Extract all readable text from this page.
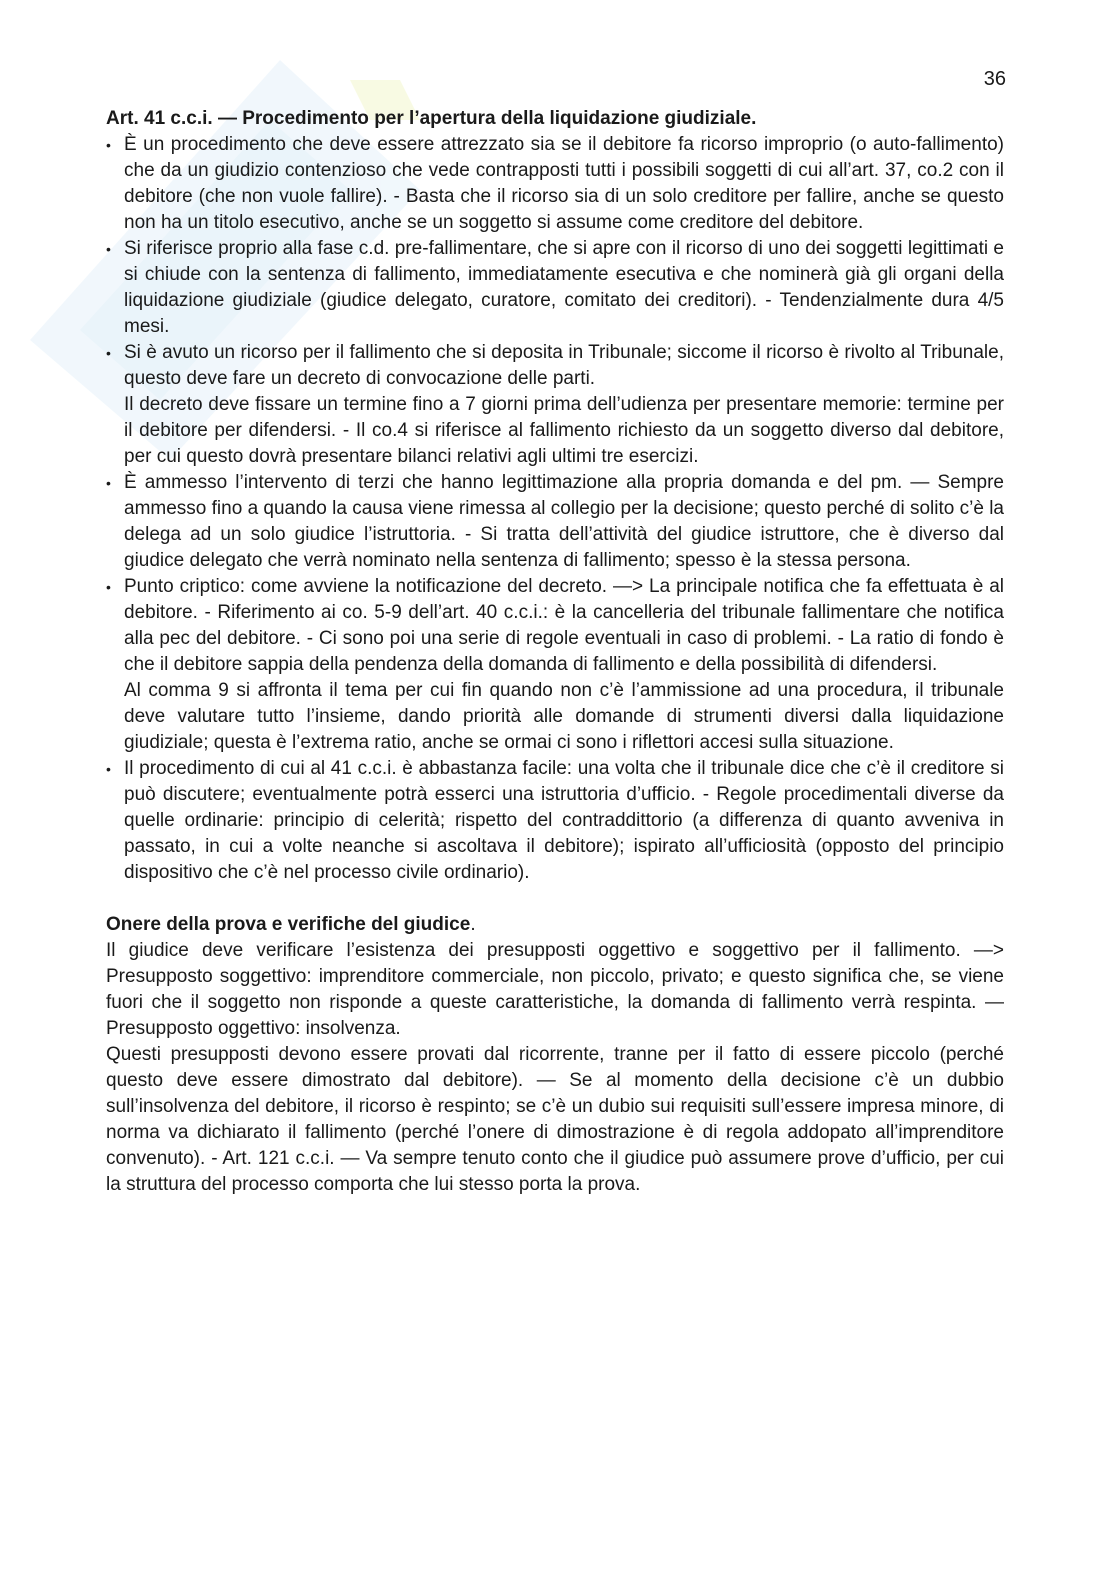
36
Art. 41 c.c.i. — Procedimento per l’apertura della liquidazione giudiziale.
• È un procedimento che deve essere attrezzato sia se il debitore fa ricorso improprio (o auto-fallimento) che da un giudizio contenzioso che vede contrapposti tutti i possibili soggetti di cui all’art. 37, co.2 con il debitore (che non vuole fallire). - Basta che il ricorso sia di un solo creditore per fallire, anche se questo non ha un titolo esecutivo, anche se un soggetto si assume come creditore del debitore.

• Si riferisce proprio alla fase c.d. pre-fallimentare, che si apre con il ricorso di uno dei soggetti legittimati e si chiude con la sentenza di fallimento, immediatamente esecutiva e che nominerà già gli organi della liquidazione giudiziale (giudice delegato, curatore, comitato dei creditori). - Tendenzialmente dura 4/5 mesi.

• Si è avuto un ricorso per il fallimento che si deposita in Tribunale; siccome il ricorso è rivolto al Tribunale, questo deve fare un decreto di convocazione delle parti.

Il decreto deve fissare un termine fino a 7 giorni prima dell’udienza per presentare memorie: termine per il debitore per difendersi. - Il co.4 si riferisce al fallimento richiesto da un soggetto diverso dal debitore, per cui questo dovrà presentare bilanci relativi agli ultimi tre esercizi.

• È ammesso l’intervento di terzi che hanno legittimazione alla propria domanda e del pm. — Sempre ammesso fino a quando la causa viene rimessa al collegio per la decisione; questo perché di solito c’è la delega ad un solo giudice l’istruttoria. - Si tratta dell’attività del giudice istruttore, che è diverso dal giudice delegato che verrà nominato nella sentenza di fallimento; spesso è la stessa persona.

• Punto criptico: come avviene la notificazione del decreto. —> La principale notifica che fa effettuata è al debitore. - Riferimento ai co. 5-9 dell’art. 40 c.c.i.: è la cancelleria del tribunale fallimentare che notifica alla pec del debitore. - Ci sono poi una serie di regole eventuali in caso di problemi. - La ratio di fondo è che il debitore sappia della pendenza della domanda di fallimento e della possibilità di difendersi.

Al comma 9 si affronta il tema per cui fin quando non c’è l’ammissione ad una procedura, il tribunale deve valutare tutto l’insieme, dando priorità alle domande di strumenti diversi dalla liquidazione giudiziale; questa è l’extrema ratio, anche se ormai ci sono i riflettori accesi sulla situazione.

• Il procedimento di cui al 41 c.c.i. è abbastanza facile: una volta che il tribunale dice che c’è il creditore si può discutere; eventualmente potrà esserci una istruttoria d’ufficio. - Regole procedimentali diverse da quelle ordinarie: principio di celerità; rispetto del contraddittorio (a differenza di quanto avveniva in passato, in cui a volte neanche si ascoltava il debitore); ispirato all’ufficiosità (opposto del principio dispositivo che c’è nel processo civile ordinario).

Onere della prova e verifiche del giudice.

Il giudice deve verificare l’esistenza dei presupposti oggettivo e soggettivo per il fallimento. —> Presupposto soggettivo: imprenditore commerciale, non piccolo, privato; e questo significa che, se viene fuori che il soggetto non risponde a queste caratteristiche, la domanda di fallimento verrà respinta. — Presupposto oggettivo: insolvenza.

Questi presupposti devono essere provati dal ricorrente, tranne per il fatto di essere piccolo (perché questo deve essere dimostrato dal debitore). — Se al momento della decisione c’è un dubbio sull’insolvenza del debitore, il ricorso è respinto; se c’è un dubio sui requisiti sull’essere impresa minore, di norma va dichiarato il fallimento (perché l’onere di dimostrazione è di regola addopato all’imprenditore convenuto). - Art. 121 c.c.i. — Va sempre tenuto conto che il giudice può assumere prove d’ufficio, per cui la struttura del processo comporta che lui stesso porta la prova.
